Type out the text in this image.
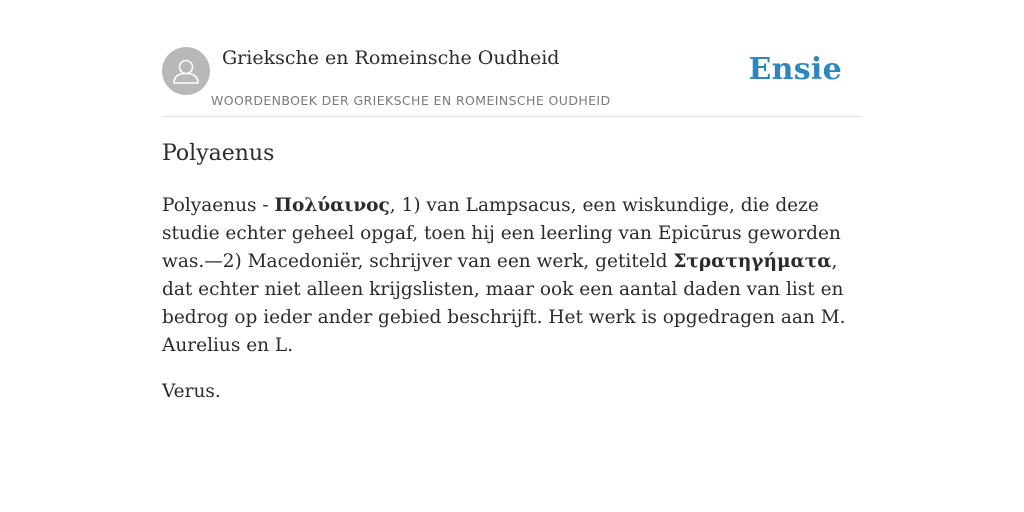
Grieksche en Romeinsche Oudheid
WOORDENBOEK DER GRIEKSCHE EN ROMEINSCHE OUDHEID
Ensie
Polyaenus

Polyaenus - Πολύαινος, 1) van Lampsacus, een wiskundige, die deze studie echter geheel opgaf, toen hij een leerling van Epicūrus geworden was.—2) Macedoniër, schrijver van een werk, getiteld Στρατηγήματα, dat echter niet alleen krijgslisten, maar ook een aantal daden van list en bedrog op ieder ander gebied beschrijft. Het werk is opgedragen aan M. Aurelius en L.

Verus.
